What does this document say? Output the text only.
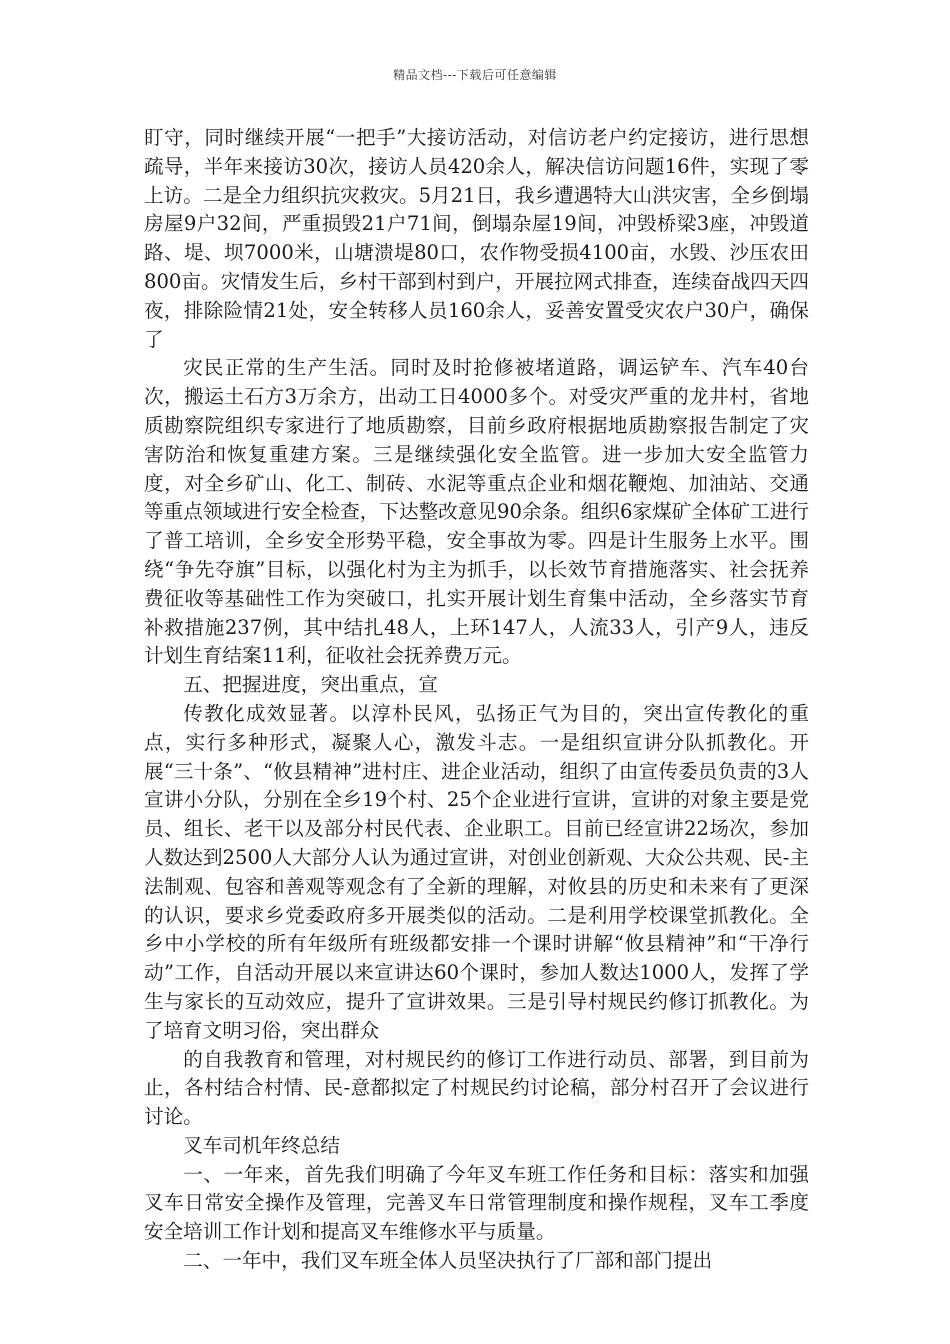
精品文档---下载后可任意编辑

盯守，同时继续开展“一把手”大接访活动，对信访老户约定接访，进行思想疏导，半年来接访30次，接访人员420余人，解决信访问题16件，实现了零上访。二是全力组织抗灾救灾。5月21日，我乡遭遇特大山洪灾害，全乡倒塌房屋9户32间，严重损毁21户71间，倒塌杂屋19间，冲毁桥梁3座，冲毁道路、堤、坝7000米，山塘溃堤80口，农作物受损4100亩，水毁、沙压农田800亩。灾情发生后，乡村干部到村到户，开展拉网式排查，连续奋战四天四夜，排除险情21处，安全转移人员160余人，妥善安置受灾农户30户，确保了

灾民正常的生产生活。同时及时抢修被堵道路，调运铲车、汽车40台次，搬运土石方3万余方，出动工日4000多个。对受灾严重的龙井村，省地质勘察院组织专家进行了地质勘察，目前乡政府根据地质勘察报告制定了灾害防治和恢复重建方案。三是继续强化安全监管。进一步加大安全监管力度，对全乡矿山、化工、制砖、水泥等重点企业和烟花鞭炮、加油站、交通等重点领域进行安全检查，下达整改意见90余条。组织6家煤矿全体矿工进行了普工培训，全乡安全形势平稳，安全事故为零。四是计生服务上水平。围绕“争先夺旗”目标，以强化村为主为抓手，以长效节育措施落实、社会抚养费征收等基础性工作为突破口，扎实开展计划生育集中活动，全乡落实节育补救措施237例，其中结扎48人，上环147人，人流33人，引产9人，违反计划生育结案11利，征收社会抚养费万元。

五、把握进度，突出重点，宣

传教化成效显著。以淳朴民风，弘扬正气为目的，突出宣传教化的重点，实行多种形式，凝聚人心，激发斗志。一是组织宣讲分队抓教化。开展“三十条”、“攸县精神”进村庄、进企业活动，组织了由宣传委员负责的3人宣讲小分队，分别在全乡19个村、25个企业进行宣讲，宣讲的对象主要是党员、组长、老干以及部分村民代表、企业职工。目前已经宣讲22场次，参加人数达到2500人大部分人认为通过宣讲，对创业创新观、大众公共观、民-主法制观、包容和善观等观念有了全新的理解，对攸县的历史和未来有了更深的认识，要求乡党委政府多开展类似的活动。二是利用学校课堂抓教化。全乡中小学校的所有年级所有班级都安排一个课时讲解“攸县精神”和“干净行动”工作，自活动开展以来宣讲达60个课时，参加人数达1000人，发挥了学生与家长的互动效应，提升了宣讲效果。三是引导村规民约修订抓教化。为了培育文明习俗，突出群众

的自我教育和管理，对村规民约的修订工作进行动员、部署，到目前为止，各村结合村情、民-意都拟定了村规民约讨论稿，部分村召开了会议进行讨论。

叉车司机年终总结

一、一年来，首先我们明确了今年叉车班工作任务和目标：落实和加强叉车日常安全操作及管理，完善叉车日常管理制度和操作规程，叉车工季度安全培训工作计划和提高叉车维修水平与质量。

二、一年中，我们叉车班全体人员坚决执行了厂部和部门提出
